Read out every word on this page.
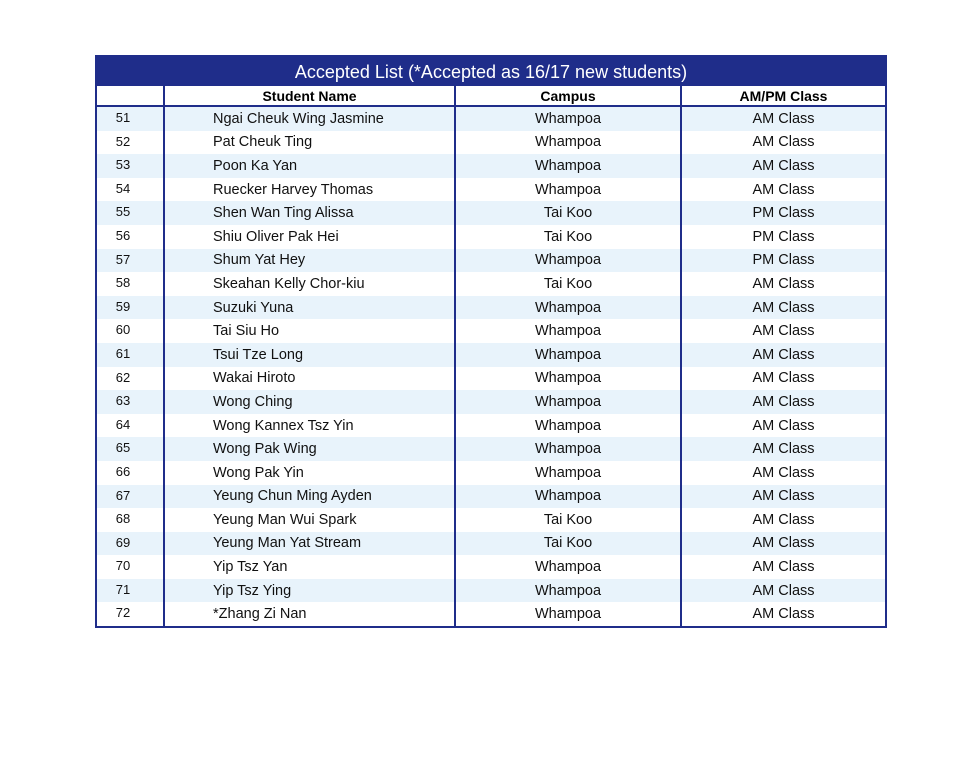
Accepted List (*Accepted as 16/17 new students)
	Student Name	Campus	AM/PM Class
51	Ngai Cheuk Wing Jasmine	Whampoa	AM Class
52	Pat Cheuk Ting	Whampoa	AM Class
53	Poon Ka Yan	Whampoa	AM Class
54	Ruecker Harvey Thomas	Whampoa	AM Class
55	Shen Wan Ting Alissa	Tai Koo	PM Class
56	Shiu Oliver Pak Hei	Tai Koo	PM Class
57	Shum Yat Hey	Whampoa	PM Class
58	Skeahan Kelly Chor-kiu	Tai Koo	AM Class
59	Suzuki Yuna	Whampoa	AM Class
60	Tai Siu Ho	Whampoa	AM Class
61	Tsui Tze Long	Whampoa	AM Class
62	Wakai Hiroto	Whampoa	AM Class
63	Wong Ching	Whampoa	AM Class
64	Wong Kannex Tsz Yin	Whampoa	AM Class
65	Wong Pak Wing	Whampoa	AM Class
66	Wong Pak Yin	Whampoa	AM Class
67	Yeung Chun Ming Ayden	Whampoa	AM Class
68	Yeung Man Wui Spark	Tai Koo	AM Class
69	Yeung Man Yat Stream	Tai Koo	AM Class
70	Yip Tsz Yan	Whampoa	AM Class
71	Yip Tsz Ying	Whampoa	AM Class
72	*Zhang Zi Nan	Whampoa	AM Class
